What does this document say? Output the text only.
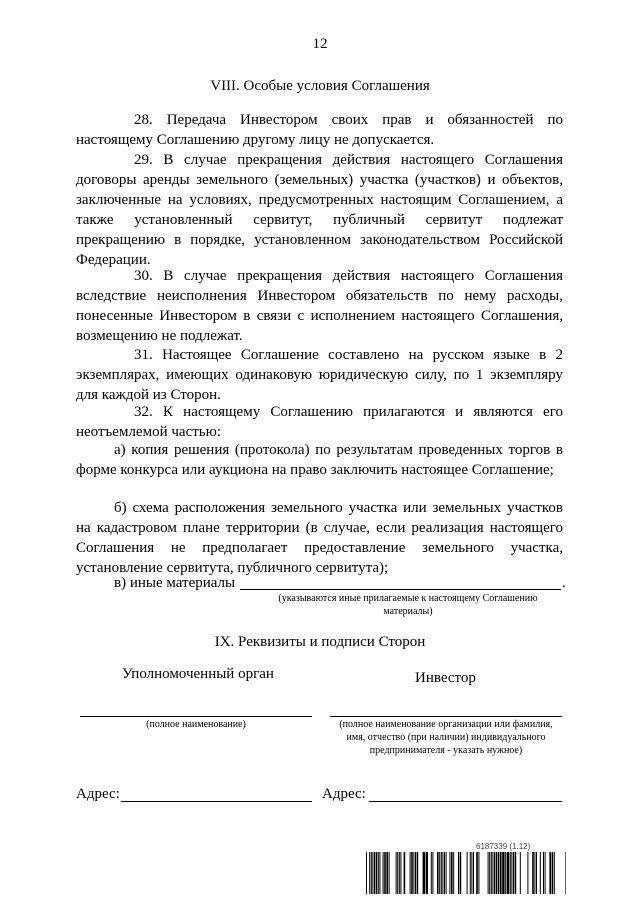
12
VIII. Особые условия Соглашения
28. Передача Инвестором своих прав и обязанностей по настоящему Соглашению другому лицу не допускается.
29. В случае прекращения действия настоящего Соглашения договоры аренды земельного (земельных) участка (участков) и объектов, заключенные на условиях, предусмотренных настоящим Соглашением, а также установленный сервитут, публичный сервитут подлежат прекращению в порядке, установленном законодательством Российской Федерации.
30. В случае прекращения действия настоящего Соглашения вследствие неисполнения Инвестором обязательств по нему расходы, понесенные Инвестором в связи с исполнением настоящего Соглашения, возмещению не подлежат.
31. Настоящее Соглашение составлено на русском языке в 2 экземплярах, имеющих одинаковую юридическую силу, по 1 экземпляру для каждой из Сторон.
32. К настоящему Соглашению прилагаются и являются его неотъемлемой частью:
а) копия решения (протокола) по результатам проведенных торгов в форме конкурса или аукциона на право заключить настоящее Соглашение;
б) схема расположения земельного участка или земельных участков на кадастровом плане территории (в случае, если реализация настоящего Соглашения не предполагает предоставление земельного участка, установление сервитута, публичного сервитута);
в) иные материалы	.
(указываются иные прилагаемые к настоящему Соглашению материалы)
IX. Реквизиты и подписи Сторон
Уполномоченный орган	Инвестор
(полное наименование)	(полное наименование организации или фамилия, имя, отчество (при наличии) индивидуального предпринимателя - указать нужное)
Адрес:	Адрес:
6187339 (1.12)
